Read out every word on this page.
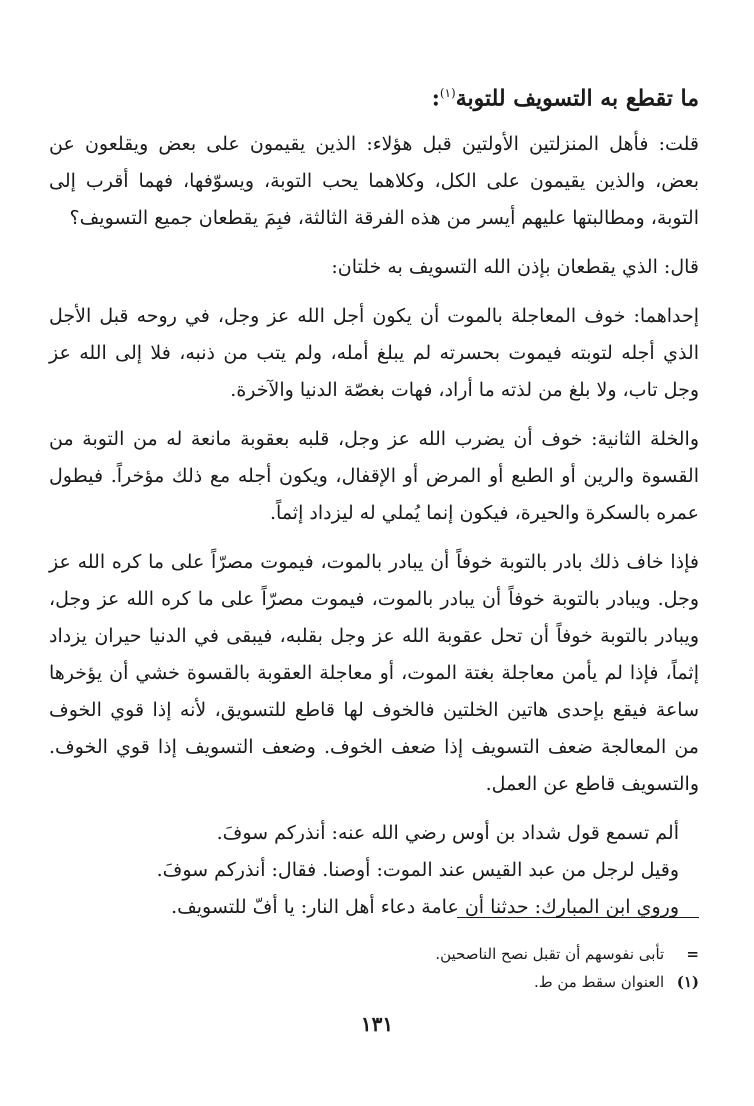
ما تقطع به التسويف للتوبة$^{(١)}$:

قلت: فأهل المنزلتين الأولتين قبل هؤلاء: الذين يقيمون على بعض ويقلعون عن بعض، والذين يقيمون على الكل، وكلاهما يحب التوبة، ويسوّفها، فهما أقرب إلى التوبة، ومطالبتها عليهم أيسر من هذه الفرقة الثالثة، فبِمَ يقطعان جميع التسويف؟

قال: الذي يقطعان بإذن الله التسويف به خلتان:

إحداهما: خوف المعاجلة بالموت أن يكون أجل الله عز وجل، في روحه قبل الأجل الذي أجله لتوبته فيموت بحسرته لم يبلغ أمله، ولم يتب من ذنبه، فلا إلى الله عز وجل تاب، ولا بلغ من لذته ما أراد، فهات بغصّة الدنيا والآخرة.

والخلة الثانية: خوف أن يضرب الله عز وجل، قلبه بعقوبة مانعة له من التوبة من القسوة والرين أو الطبع أو المرض أو الإقفال، ويكون أجله مع ذلك مؤخراً. فيطول عمره بالسكرة والحيرة، فيكون إنما يُملي له ليزداد إثماً.

فإذا خاف ذلك بادر بالتوبة خوفاً أن يبادر بالموت، فيموت مصرّاً على ما كره الله عز وجل. ويبادر بالتوبة خوفاً أن يبادر بالموت، فيموت مصرّاً على ما كره الله عز وجل، ويبادر بالتوبة خوفاً أن تحل عقوبة الله عز وجل بقلبه، فيبقى في الدنيا حيران يزداد إثماً، فإذا لم يأمن معاجلة بغتة الموت، أو معاجلة العقوبة بالقسوة خشي أن يؤخرها ساعة فيقع بإحدى هاتين الخلتين فالخوف لها قاطع للتسويق، لأنه إذا قوي الخوف من المعالجة ضعف التسويف إذا ضعف الخوف. وضعف التسويف إذا قوي الخوف. والتسويف قاطع عن العمل.

ألم تسمع قول شداد بن أوس رضي الله عنه: أنذركم سوفَ.
وقيل لرجل من عبد القيس عند الموت: أوصنا. فقال: أنذركم سوفَ.
وروي ابن المبارك: حدثنا أن عامة دعاء أهل النار: يا أفّ للتسويف.
= تأبى نفوسهم أن تقبل نصح الناصحين.
(١) العنوان سقط من ط.
١٣١
